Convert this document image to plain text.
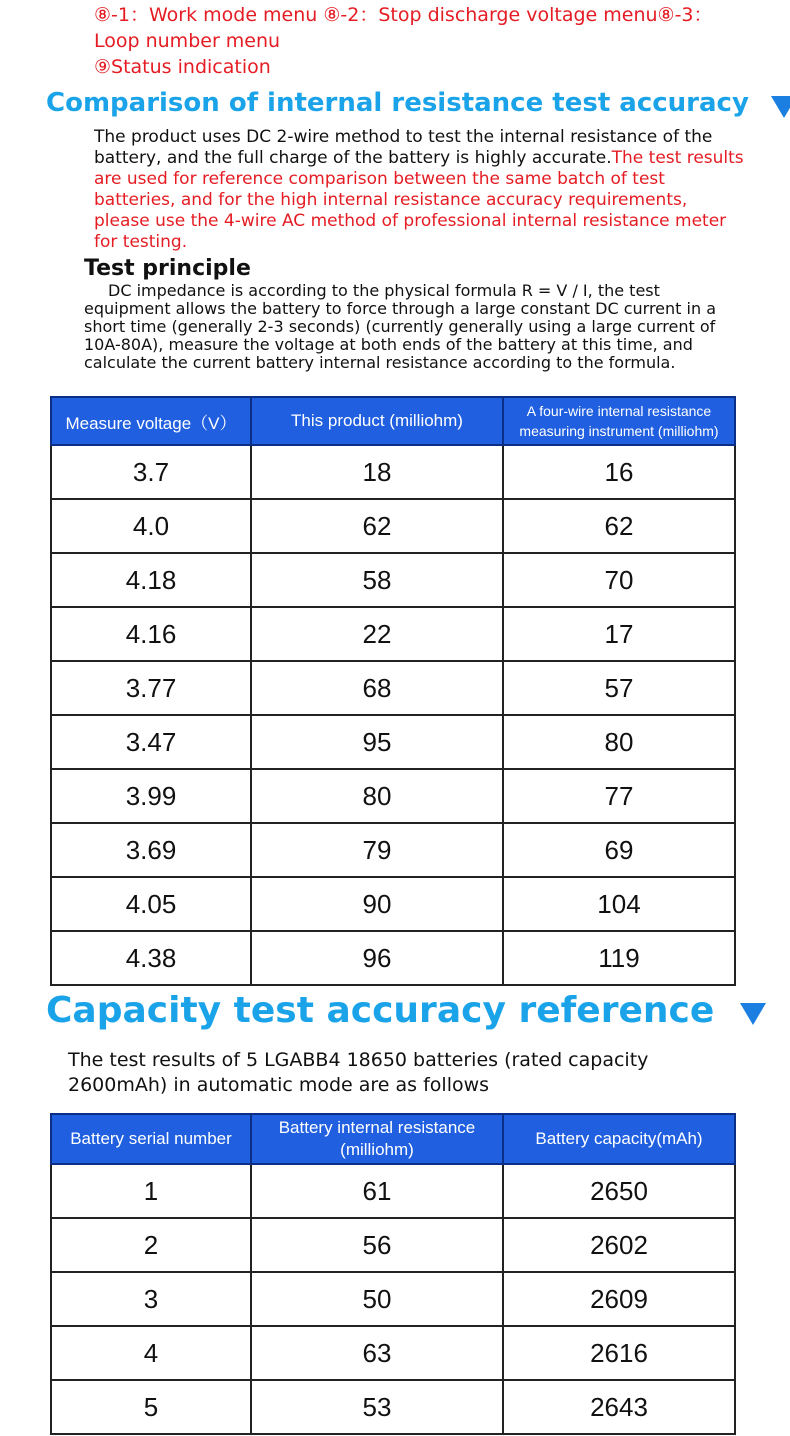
⑧-1：Work mode menu ⑧-2：Stop discharge voltage menu⑧-3：Loop number menu
⑨Status indication
Comparison of internal resistance test accuracy
The product uses DC 2-wire method to test the internal resistance of the battery, and the full charge of the battery is highly accurate.The test results are used for reference comparison between the same batch of test batteries, and for the high internal resistance accuracy requirements, please use the 4-wire AC method of professional internal resistance meter for testing.
Test principle
DC impedance is according to the physical formula R = V / I, the test equipment allows the battery to force through a large constant DC current in a short time (generally 2-3 seconds) (currently generally using a large current of 10A-80A), measure the voltage at both ends of the battery at this time, and calculate the current battery internal resistance according to the formula.
Measure voltage（V）	This product (milliohm)	A four-wire internal resistance measuring instrument (milliohm)
3.7	18	16
4.0	62	62
4.18	58	70
4.16	22	17
3.77	68	57
3.47	95	80
3.99	80	77
3.69	79	69
4.05	90	104
4.38	96	119
Capacity test accuracy reference
The test results of 5 LGABB4 18650 batteries (rated capacity 2600mAh) in automatic mode are as follows
Battery serial number	Battery internal resistance (milliohm)	Battery capacity(mAh)
1	61	2650
2	56	2602
3	50	2609
4	63	2616
5	53	2643
